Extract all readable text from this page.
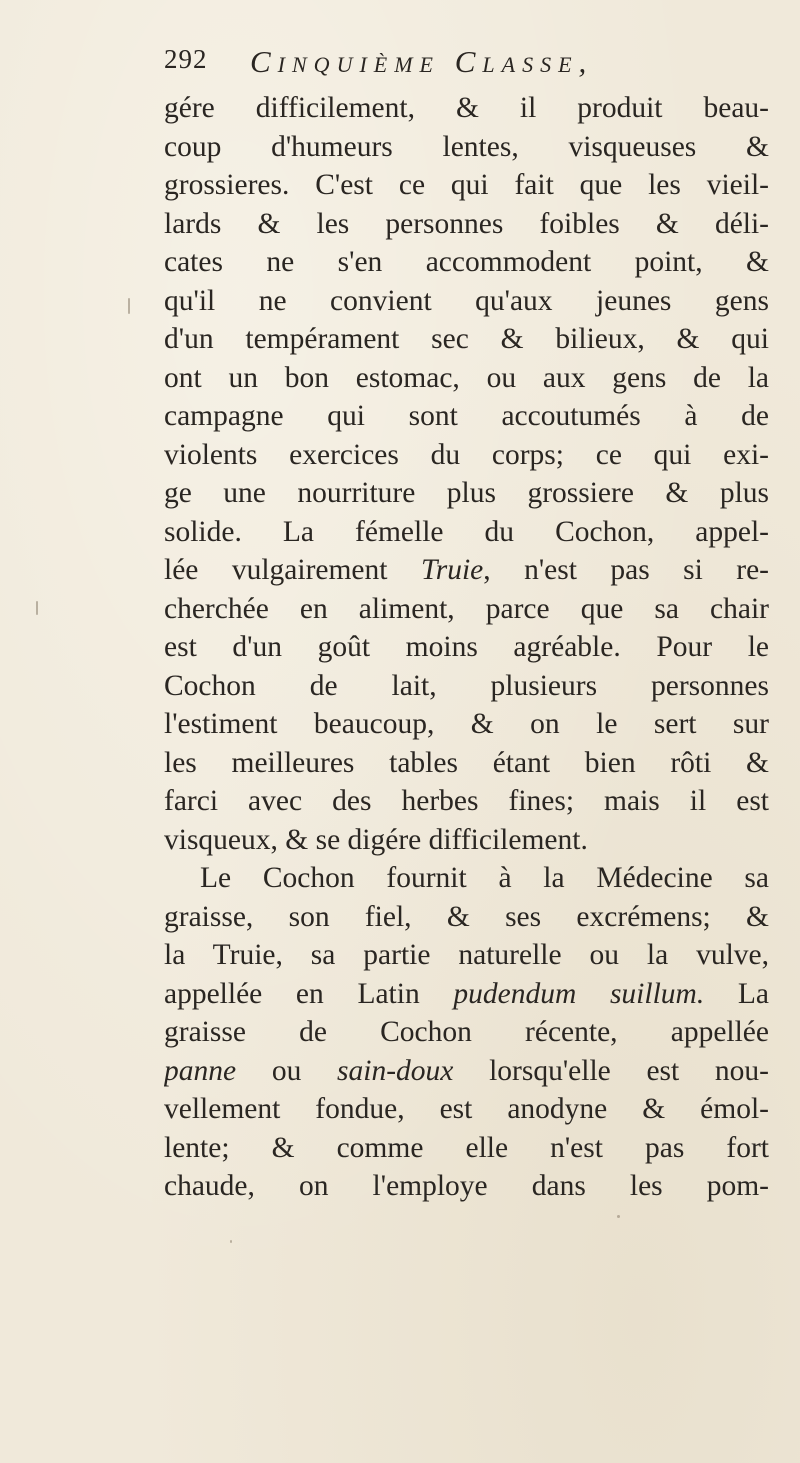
292 Cinquième Classe,
gére difficilement, & il produit beau-
coup d'humeurs lentes, visqueuses &
grossieres. C'est ce qui fait que les vieil-
lards & les personnes foibles & déli-
cates ne s'en accommodent point, &
qu'il ne convient qu'aux jeunes gens
d'un tempérament sec & bilieux, & qui
ont un bon estomac, ou aux gens de la
campagne qui sont accoutumés à de
violents exercices du corps; ce qui exi-
ge une nourriture plus grossiere & plus
solide. La fémelle du Cochon, appel-
lée vulgairement Truie, n'est pas si re-
cherchée en aliment, parce que sa chair
est d'un goût moins agréable. Pour le
Cochon de lait, plusieurs personnes
l'estiment beaucoup, & on le sert sur
les meilleures tables étant bien rôti &
farci avec des herbes fines; mais il est
visqueux, & se digére difficilement.
Le Cochon fournit à la Médecine sa
graisse, son fiel, & ses excrémens; &
la Truie, sa partie naturelle ou la vulve,
appellée en Latin pudendum suillum. La
graisse de Cochon récente, appellée
panne ou sain-doux lorsqu'elle est nou-
vellement fondue, est anodyne & émol-
lente; & comme elle n'est pas fort
chaude, on l'employe dans les pom-
